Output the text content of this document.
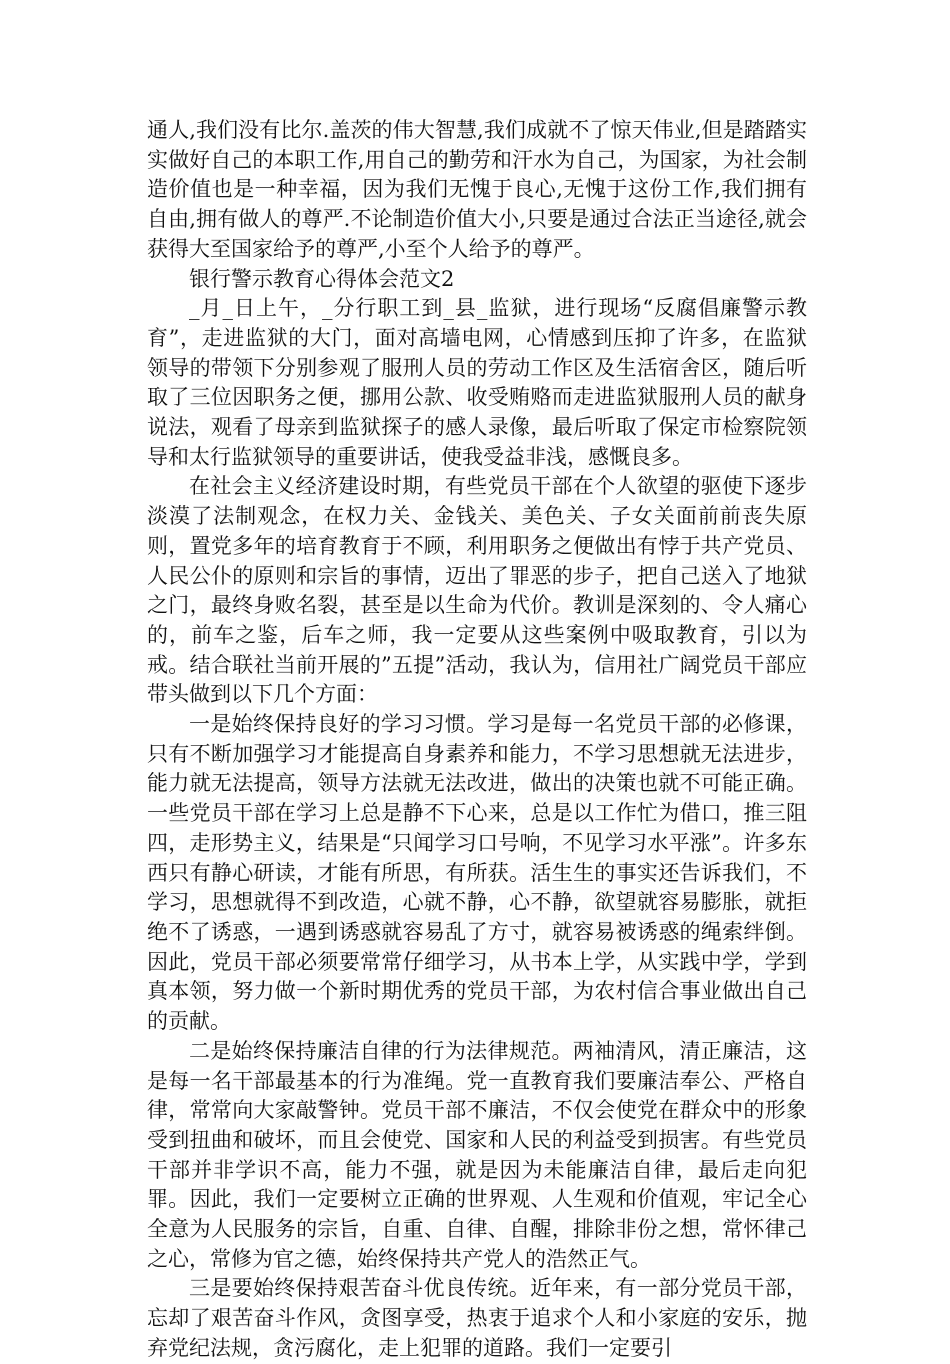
通人,我们没有比尔.盖茨的伟大智慧,我们成就不了惊天伟业,但是踏踏实实做好自己的本职工作,用自己的勤劳和汗水为自己，为国家，为社会制造价值也是一种幸福，因为我们无愧于良心,无愧于这份工作,我们拥有自由,拥有做人的尊严.不论制造价值大小,只要是通过合法正当途径,就会获得大至国家给予的尊严,小至个人给予的尊严。

银行警示教育心得体会范文2

_月_日上午，_分行职工到_县_监狱，进行现场“反腐倡廉警示教育”，走进监狱的大门，面对高墙电网，心情感到压抑了许多，在监狱领导的带领下分别参观了服刑人员的劳动工作区及生活宿舍区，随后听取了三位因职务之便，挪用公款、收受贿赂而走进监狱服刑人员的献身说法，观看了母亲到监狱探子的感人录像，最后听取了保定市检察院领导和太行监狱领导的重要讲话，使我受益非浅，感慨良多。

在社会主义经济建设时期，有些党员干部在个人欲望的驱使下逐步淡漠了法制观念，在权力关、金钱关、美色关、子女关面前前丧失原则，置党多年的培育教育于不顾，利用职务之便做出有悖于共产党员、人民公仆的原则和宗旨的事情，迈出了罪恶的步子，把自己送入了地狱之门，最终身败名裂，甚至是以生命为代价。教训是深刻的、令人痛心的，前车之鉴，后车之师，我一定要从这些案例中吸取教育，引以为戒。结合联社当前开展的”五提”活动，我认为，信用社广阔党员干部应带头做到以下几个方面：

一是始终保持良好的学习习惯。学习是每一名党员干部的必修课，只有不断加强学习才能提高自身素养和能力，不学习思想就无法进步，能力就无法提高，领导方法就无法改进，做出的决策也就不可能正确。一些党员干部在学习上总是静不下心来，总是以工作忙为借口，推三阻四，走形势主义，结果是“只闻学习口号响，不见学习水平涨”。许多东西只有静心研读，才能有所思，有所获。活生生的事实还告诉我们，不学习，思想就得不到改造，心就不静，心不静，欲望就容易膨胀，就拒绝不了诱惑，一遇到诱惑就容易乱了方寸，就容易被诱惑的绳索绊倒。因此，党员干部必须要常常仔细学习，从书本上学，从实践中学，学到真本领，努力做一个新时期优秀的党员干部，为农村信合事业做出自己的贡献。

二是始终保持廉洁自律的行为法律规范。两袖清风，清正廉洁，这是每一名干部最基本的行为准绳。党一直教育我们要廉洁奉公、严格自律，常常向大家敲警钟。党员干部不廉洁，不仅会使党在群众中的形象受到扭曲和破坏，而且会使党、国家和人民的利益受到损害。有些党员干部并非学识不高，能力不强，就是因为未能廉洁自律，最后走向犯罪。因此，我们一定要树立正确的世界观、人生观和价值观，牢记全心全意为人民服务的宗旨，自重、自律、自醒，排除非份之想，常怀律己之心，常修为官之德，始终保持共产党人的浩然正气。

三是要始终保持艰苦奋斗优良传统。近年来，有一部分党员干部，忘却了艰苦奋斗作风，贪图享受，热衷于追求个人和小家庭的安乐，抛弃党纪法规，贪污腐化，走上犯罪的道路。我们一定要引
